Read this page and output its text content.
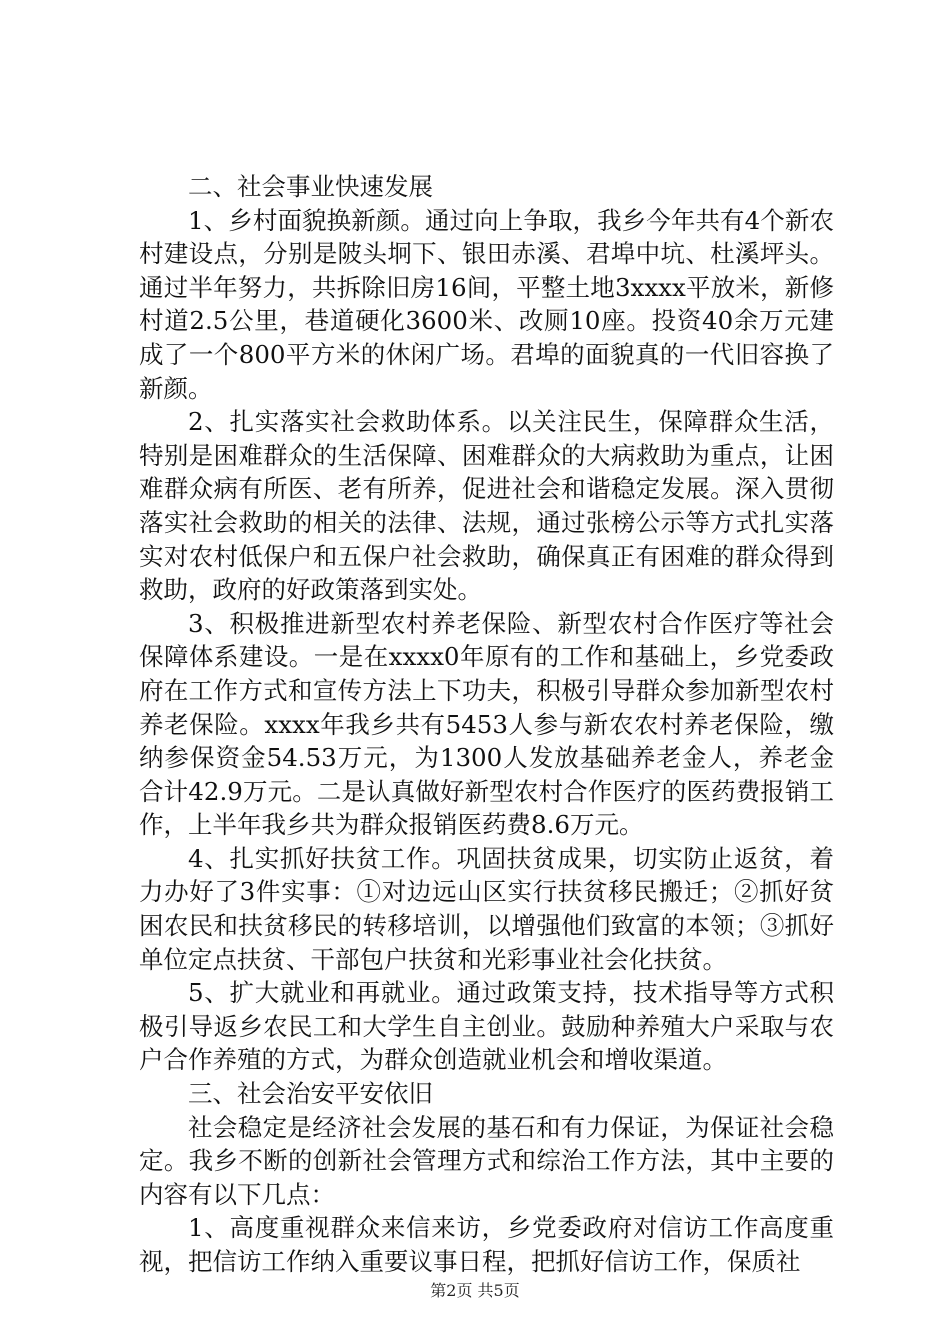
二、社会事业快速发展

1、乡村面貌换新颜。通过向上争取，我乡今年共有4个新农村建设点，分别是陂头坰下、银田赤溪、君埠中坑、杜溪坪头。通过半年努力，共拆除旧房16间，平整土地3xxxx平放米，新修村道2.5公里，巷道硬化3600米、改厕10座。投资40余万元建成了一个800平方米的休闲广场。君埠的面貌真的一代旧容换了新颜。

2、扎实落实社会救助体系。以关注民生，保障群众生活，特别是困难群众的生活保障、困难群众的大病救助为重点，让困难群众病有所医、老有所养，促进社会和谐稳定发展。深入贯彻落实社会救助的相关的法律、法规，通过张榜公示等方式扎实落实对农村低保户和五保户社会救助，确保真正有困难的群众得到救助，政府的好政策落到实处。

3、积极推进新型农村养老保险、新型农村合作医疗等社会保障体系建设。一是在xxxx0年原有的工作和基础上，乡党委政府在工作方式和宣传方法上下功夫，积极引导群众参加新型农村养老保险。xxxx年我乡共有5453人参与新农农村养老保险，缴纳参保资金54.53万元，为1300人发放基础养老金人，养老金合计42.9万元。二是认真做好新型农村合作医疗的医药费报销工作，上半年我乡共为群众报销医药费8.6万元。

4、扎实抓好扶贫工作。巩固扶贫成果，切实防止返贫，着力办好了3件实事：①对边远山区实行扶贫移民搬迁；②抓好贫困农民和扶贫移民的转移培训，以增强他们致富的本领；③抓好单位定点扶贫、干部包户扶贫和光彩事业社会化扶贫。

5、扩大就业和再就业。通过政策支持，技术指导等方式积极引导返乡农民工和大学生自主创业。鼓励种养殖大户采取与农户合作养殖的方式，为群众创造就业机会和增收渠道。

三、社会治安平安依旧

社会稳定是经济社会发展的基石和有力保证，为保证社会稳定。我乡不断的创新社会管理方式和综治工作方法，其中主要的内容有以下几点：

1、高度重视群众来信来访，乡党委政府对信访工作高度重视，把信访工作纳入重要议事日程，把抓好信访工作，保质社

第2页 共5页
